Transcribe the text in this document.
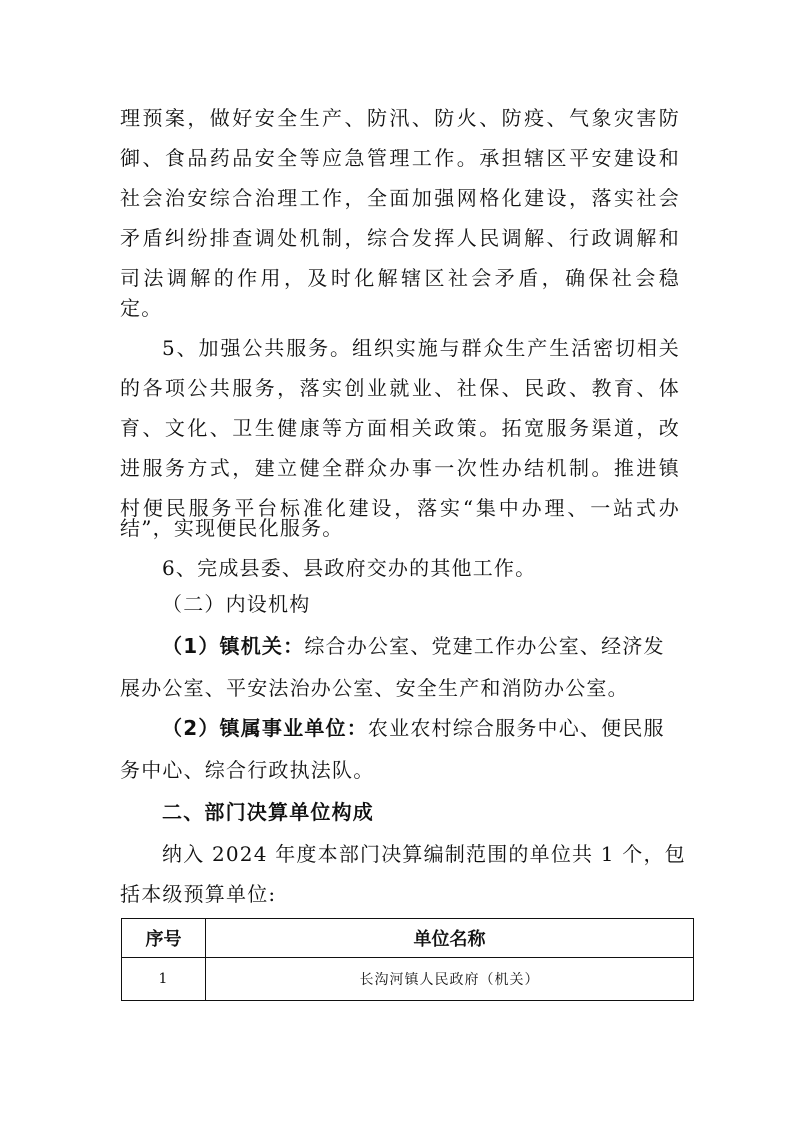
理预案，做好安全生产、防汛、防火、防疫、气象灾害防
御、食品药品安全等应急管理工作。承担辖区平安建设和
社会治安综合治理工作，全面加强网格化建设，落实社会
矛盾纠纷排查调处机制，综合发挥人民调解、行政调解和
司法调解的作用，及时化解辖区社会矛盾，确保社会稳
定。
5、加强公共服务。组织实施与群众生产生活密切相关
的各项公共服务，落实创业就业、社保、民政、教育、体
育、文化、卫生健康等方面相关政策。拓宽服务渠道，改
进服务方式，建立健全群众办事一次性办结机制。推进镇
村便民服务平台标准化建设，落实“集中办理、一站式办
结”，实现便民化服务。
6、完成县委、县政府交办的其他工作。
（二）内设机构
（1）镇机关：综合办公室、党建工作办公室、经济发
展办公室、平安法治办公室、安全生产和消防办公室。
（2）镇属事业单位：农业农村综合服务中心、便民服
务中心、综合行政执法队。
二、部门决算单位构成
纳入 2024 年度本部门决算编制范围的单位共 1 个，包
括本级预算单位:
序号	单位名称
1	长沟河镇人民政府（机关）
